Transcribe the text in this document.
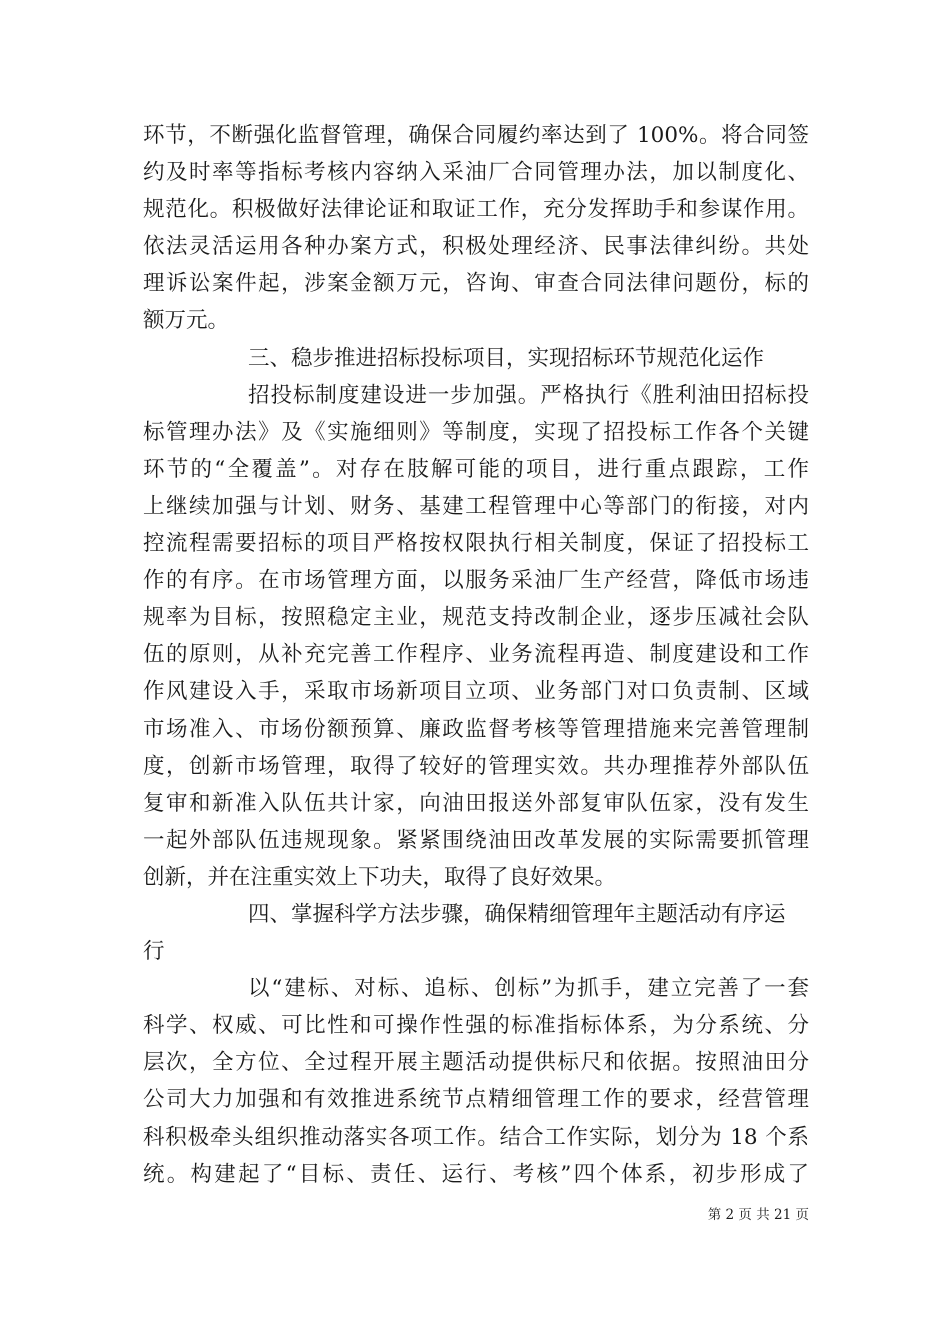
环节，不断强化监督管理，确保合同履约率达到了 100%。将合同签
约及时率等指标考核内容纳入采油厂合同管理办法，加以制度化、
规范化。积极做好法律论证和取证工作，充分发挥助手和参谋作用。
依法灵活运用各种办案方式，积极处理经济、民事法律纠纷。共处
理诉讼案件起，涉案金额万元，咨询、审查合同法律问题份，标的
额万元。
三、稳步推进招标投标项目，实现招标环节规范化运作
招投标制度建设进一步加强。严格执行《胜利油田招标投
标管理办法》及《实施细则》等制度，实现了招投标工作各个关键
环节的“全覆盖”。对存在肢解可能的项目，进行重点跟踪，工作
上继续加强与计划、财务、基建工程管理中心等部门的衔接，对内
控流程需要招标的项目严格按权限执行相关制度，保证了招投标工
作的有序。在市场管理方面，以服务采油厂生产经营，降低市场违
规率为目标，按照稳定主业，规范支持改制企业，逐步压减社会队
伍的原则，从补充完善工作程序、业务流程再造、制度建设和工作
作风建设入手，采取市场新项目立项、业务部门对口负责制、区域
市场准入、市场份额预算、廉政监督考核等管理措施来完善管理制
度，创新市场管理，取得了较好的管理实效。共办理推荐外部队伍
复审和新准入队伍共计家，向油田报送外部复审队伍家，没有发生
一起外部队伍违规现象。紧紧围绕油田改革发展的实际需要抓管理
创新，并在注重实效上下功夫，取得了良好效果。
四、掌握科学方法步骤，确保精细管理年主题活动有序运
行
以“建标、对标、追标、创标”为抓手，建立完善了一套
科学、权威、可比性和可操作性强的标准指标体系，为分系统、分
层次，全方位、全过程开展主题活动提供标尺和依据。按照油田分
公司大力加强和有效推进系统节点精细管理工作的要求，经营管理
科积极牵头组织推动落实各项工作。结合工作实际，划分为 18 个系
统。构建起了“目标、责任、运行、考核”四个体系，初步形成了
第 2 页 共 21 页
